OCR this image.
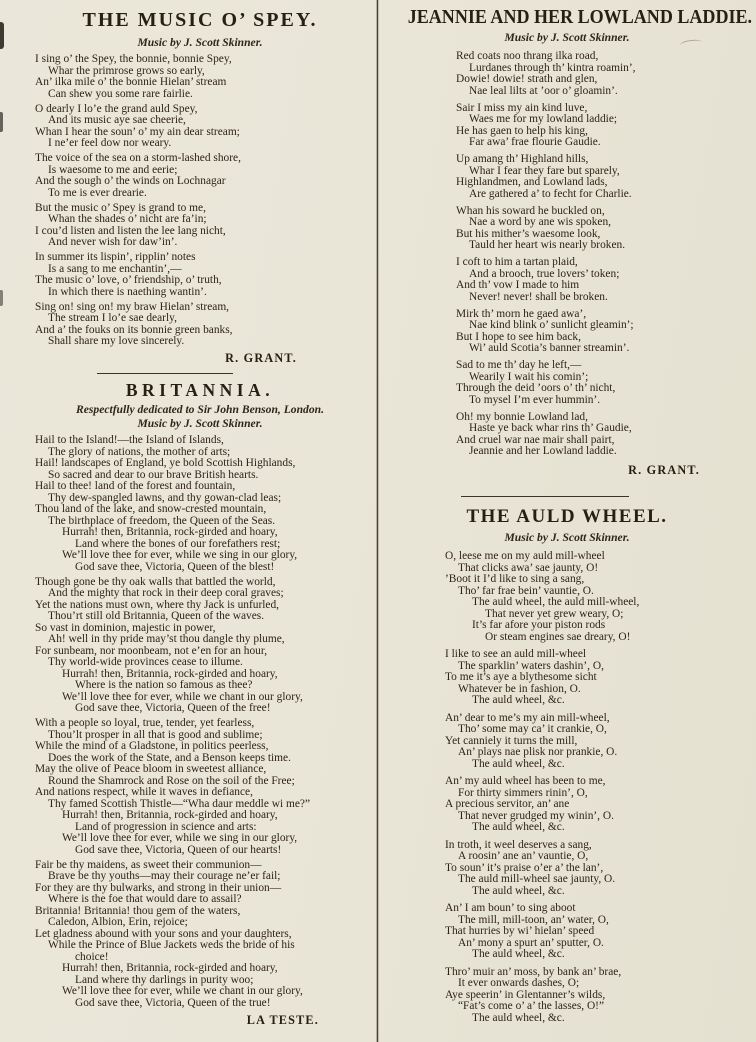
THE MUSIC O’ SPEY.
Music by J. Scott Skinner.
I sing o’ the Spey, the bonnie, bonnie Spey,
Whar the primrose grows so early,
An’ ilka mile o’ the bonnie Hielan’ stream
Can shew you some rare fairlie.
O dearly I lo’e the grand auld Spey,
And its music aye sae cheerie,
Whan I hear the soun’ o’ my ain dear stream;
I ne’er feel dow nor weary.
The voice of the sea on a storm-lashed shore,
Is waesome to me and eerie;
And the sough o’ the winds on Lochnagar
To me is ever drearie.
But the music o’ Spey is grand to me,
Whan the shades o’ nicht are fa’in;
I cou’d listen and listen the lee lang nicht,
And never wish for daw’in’.
In summer its lispin’, ripplin’ notes
Is a sang to me enchantin’,—
The music o’ love, o’ friendship, o’ truth,
In which there is naething wantin’.
Sing on! sing on! my braw Hielan’ stream,
The stream I lo’e sae dearly,
And a’ the fouks on its bonnie green banks,
Shall share my love sincerely.
R. GRANT.
BRITANNIA.
Respectfully dedicated to Sir John Benson, London.
Music by J. Scott Skinner.
Hail to the Island!—the Island of Islands,
The glory of nations, the mother of arts;
Hail! landscapes of England, ye bold Scottish Highlands,
So sacred and dear to our brave British hearts.
Hail to thee! land of the forest and fountain,
Thy dew-spangled lawns, and thy gowan-clad leas;
Thou land of the lake, and snow-crested mountain,
The birthplace of freedom, the Queen of the Seas.
Hurrah! then, Britannia, rock-girded and hoary,
Land where the bones of our forefathers rest;
We’ll love thee for ever, while we sing in our glory,
God save thee, Victoria, Queen of the blest!
Though gone be thy oak walls that battled the world,
And the mighty that rock in their deep coral graves;
Yet the nations must own, where thy Jack is unfurled,
Thou’rt still old Britannia, Queen of the waves.
So vast in dominion, majestic in power,
Ah! well in thy pride may’st thou dangle thy plume,
For sunbeam, nor moonbeam, not e’en for an hour,
Thy world-wide provinces cease to illume.
Hurrah! then, Britannia, rock-girded and hoary,
Where is the nation so famous as thee?
We’ll love thee for ever, while we chant in our glory,
God save thee, Victoria, Queen of the free!
With a people so loyal, true, tender, yet fearless,
Thou’lt prosper in all that is good and sublime;
While the mind of a Gladstone, in politics peerless,
Does the work of the State, and a Benson keeps time.
May the olive of Peace bloom in sweetest alliance,
Round the Shamrock and Rose on the soil of the Free;
And nations respect, while it waves in defiance,
Thy famed Scottish Thistle—“Wha daur meddle wi me?”
Hurrah! then, Britannia, rock-girded and hoary,
Land of progression in science and arts:
We’ll love thee for ever, while we sing in our glory,
God save thee, Victoria, Queen of our hearts!
Fair be thy maidens, as sweet their communion—
Brave be thy youths—may their courage ne’er fail;
For they are thy bulwarks, and strong in their union—
Where is the foe that would dare to assail?
Britannia! Britannia! thou gem of the waters,
Caledon, Albion, Erin, rejoice;
Let gladness abound with your sons and your daughters,
While the Prince of Blue Jackets weds the bride of his
choice!
Hurrah! then, Britannia, rock-girded and hoary,
Land where thy darlings in purity woo;
We’ll love thee for ever, while we chant in our glory,
God save thee, Victoria, Queen of the true!
LA TESTE.
JEANNIE AND HER LOWLAND LADDIE.
Music by J. Scott Skinner.
Red coats noo thrang ilka road,
Lurdanes through th’ kintra roamin’,
Dowie! dowie! strath and glen,
Nae leal lilts at ’oor o’ gloamin’.
Sair I miss my ain kind luve,
Waes me for my lowland laddie;
He has gaen to help his king,
Far awa’ frae flourie Gaudie.
Up amang th’ Highland hills,
Whar I fear they fare but sparely,
Highlandmen, and Lowland lads,
Are gathered a’ to fecht for Charlie.
Whan his soward he buckled on,
Nae a word by ane wis spoken,
But his mither’s waesome look,
Tauld her heart wis nearly broken.
I coft to him a tartan plaid,
And a brooch, true lovers’ token;
And th’ vow I made to him
Never! never! shall be broken.
Mirk th’ morn he gaed awa’,
Nae kind blink o’ sunlicht gleamin’;
But I hope to see him back,
Wi’ auld Scotia’s banner streamin’.
Sad to me th’ day he left,—
Wearily I wait his comin’;
Through the deid ’oors o’ th’ nicht,
To mysel I’m ever hummin’.
Oh! my bonnie Lowland lad,
Haste ye back whar rins th’ Gaudie,
And cruel war nae mair shall pairt,
Jeannie and her Lowland laddie.
R. GRANT.
THE AULD WHEEL.
Music by J. Scott Skinner.
O, leese me on my auld mill-wheel
That clicks awa’ sae jaunty, O!
’Boot it I’d like to sing a sang,
Tho’ far frae bein’ vauntie, O.
The auld wheel, the auld mill-wheel,
That never yet grew weary, O;
It’s far afore your piston rods
Or steam engines sae dreary, O!
I like to see an auld mill-wheel
The sparklin’ waters dashin’, O,
To me it’s aye a blythesome sicht
Whatever be in fashion, O.
The auld wheel, &c.
An’ dear to me’s my ain mill-wheel,
Tho’ some may ca’ it crankie, O,
Yet canniely it turns the mill,
An’ plays nae plisk nor prankie, O.
The auld wheel, &c.
An’ my auld wheel has been to me,
For thirty simmers rinin’, O,
A precious servitor, an’ ane
That never grudged my winin’, O.
The auld wheel, &c.
In troth, it weel deserves a sang,
A roosin’ ane an’ vauntie, O,
To soun’ it’s praise o’er a’ the lan’,
The auld mill-wheel sae jaunty, O.
The auld wheel, &c.
An’ I am boun’ to sing aboot
The mill, mill-toon, an’ water, O,
That hurries by wi’ hielan’ speed
An’ mony a spurt an’ sputter, O.
The auld wheel, &c.
Thro’ muir an’ moss, by bank an’ brae,
It ever onwards dashes, O;
Aye speerin’ in Glentanner’s wilds,
“Fat’s come o’ a’ the lasses, O!”
The auld wheel, &c.
